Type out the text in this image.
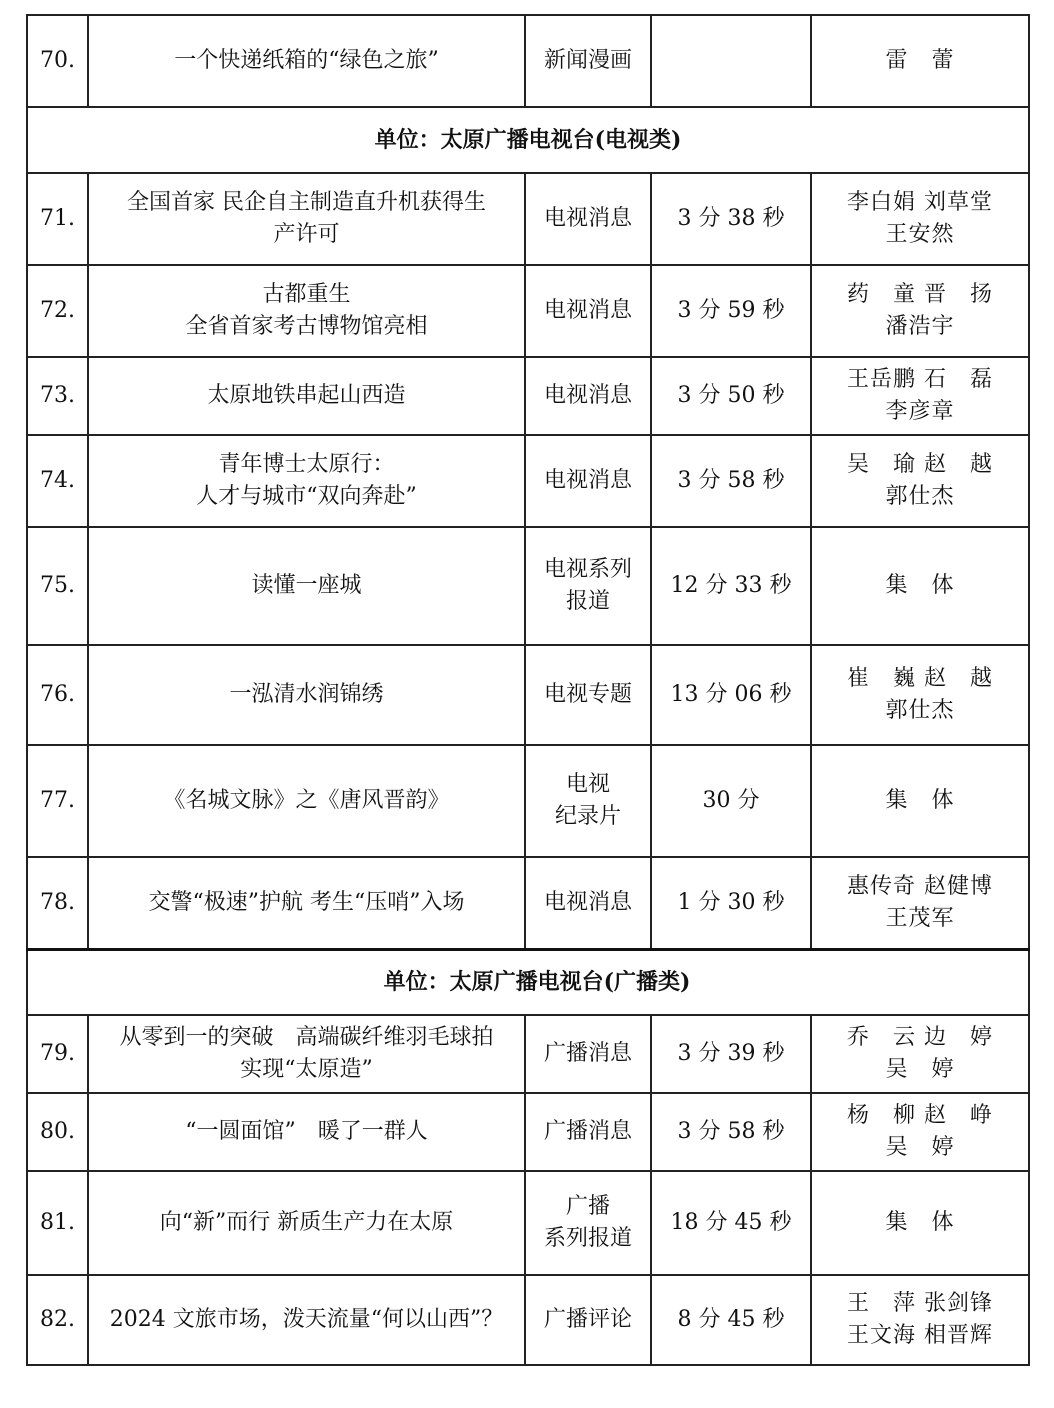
70.	一个快递纸箱的“绿色之旅”	新闻漫画		雷　蕾

单位：太原广播电视台(电视类)				
71.	全国首家 民企自主制造直升机获得生
产许可	电视消息	3 分 38 秒	李白娟 刘草堂
王安然

72.	古都重生
全省首家考古博物馆亮相	电视消息	3 分 59 秒	药　童 晋　扬
潘浩宇

73.	太原地铁串起山西造	电视消息	3 分 50 秒	王岳鹏 石　磊
李彦章

74.	青年博士太原行：
人才与城市“双向奔赴”	电视消息	3 分 58 秒	吴　瑜 赵　越
郭仕杰

75.	读懂一座城	电视系列
报道	12 分 33 秒	集　体

76.	一泓清水润锦绣	电视专题	13 分 06 秒	崔　巍 赵　越
郭仕杰

77.	《名城文脉》之《唐风晋韵》	电视
纪录片	30 分	集　体

78.	交警“极速”护航 考生“压哨”入场	电视消息	1 分 30 秒	惠传奇 赵健博
王茂军

单位：太原广播电视台(广播类)				
79.	从零到一的突破　高端碳纤维羽毛球拍
实现“太原造”	广播消息	3 分 39 秒	乔　云 边　婷
吴　婷

80.	“一圆面馆”　暖了一群人	广播消息	3 分 58 秒	杨　柳 赵　峥
吴　婷

81.	向“新”而行 新质生产力在太原	广播
系列报道	18 分 45 秒	集　体

82.	2024 文旅市场，泼天流量“何以山西”？	广播评论	8 分 45 秒	王　萍 张剑锋
王文海 相晋辉
